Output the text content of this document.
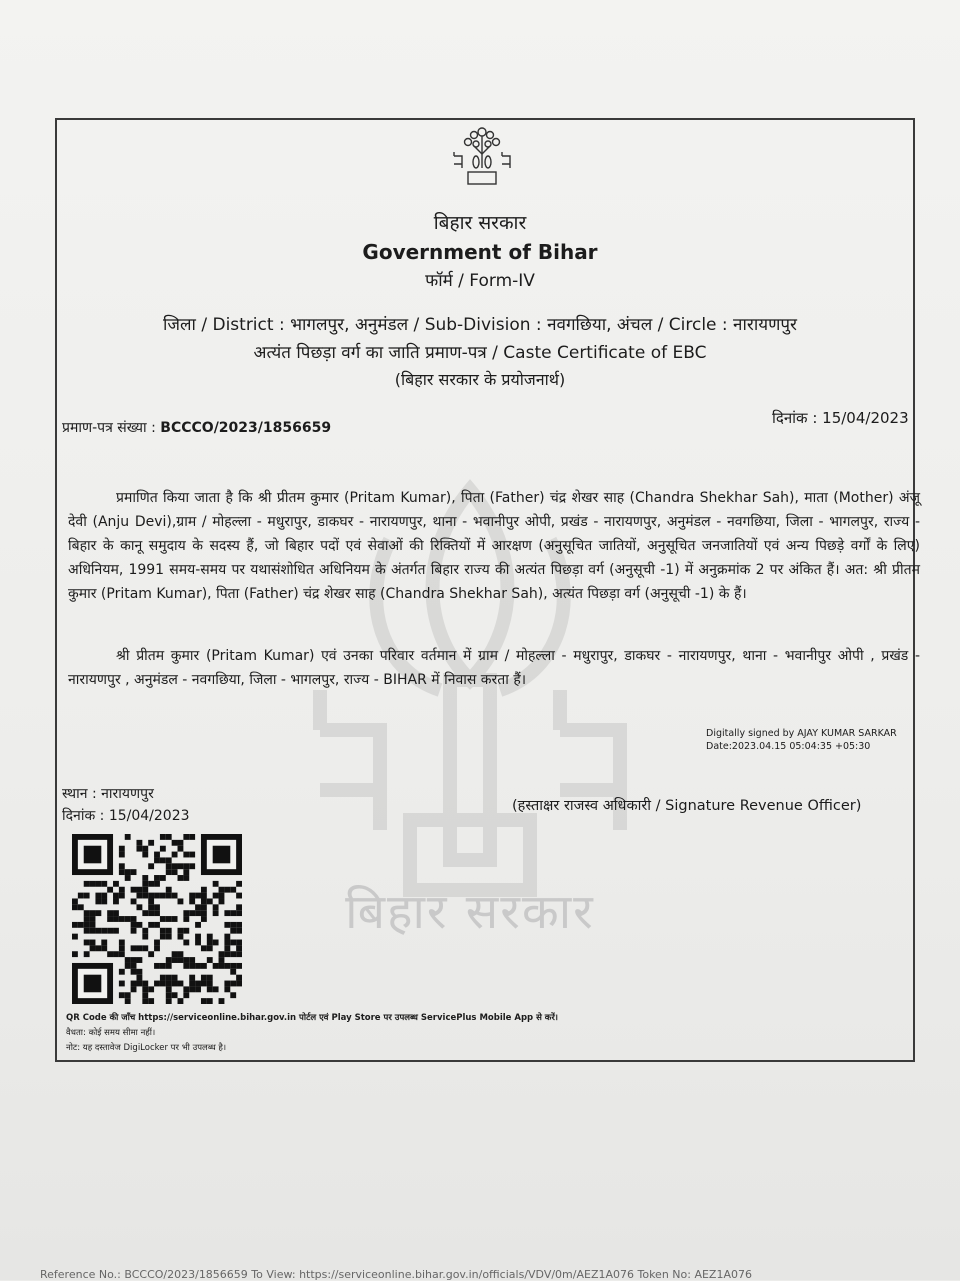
बिहार सरकार
बिहार सरकार
Government of Bihar
फॉर्म / Form-IV
जिला / District : भागलपुर, अनुमंडल / Sub-Division : नवगछिया, अंचल / Circle : नारायणपुर
अत्यंत पिछड़ा वर्ग का जाति प्रमाण-पत्र / Caste Certificate of EBC
(बिहार सरकार के प्रयोजनार्थ)
प्रमाण-पत्र संख्या : BCCCO/2023/1856659
दिनांक : 15/04/2023
प्रमाणित किया जाता है कि श्री प्रीतम कुमार (Pritam Kumar), पिता (Father) चंद्र शेखर साह (Chandra Shekhar Sah), माता (Mother) अंजू देवी (Anju Devi),ग्राम / मोहल्ला - मधुरापुर, डाकघर - नारायणपुर, थाना - भवानीपुर ओपी, प्रखंड - नारायणपुर, अनुमंडल - नवगछिया, जिला - भागलपुर, राज्य - बिहार के कानू समुदाय के सदस्य हैं, जो बिहार पदों एवं सेवाओं की रिक्तियों में आरक्षण (अनुसूचित जातियों, अनुसूचित जनजातियों एवं अन्य पिछड़े वर्गों के लिए) अधिनियम, 1991 समय-समय पर यथासंशोधित अधिनियम के अंतर्गत बिहार राज्य की अत्यंत पिछड़ा वर्ग (अनुसूची -1) में अनुक्रमांक 2 पर अंकित हैं। अत: श्री प्रीतम कुमार (Pritam Kumar), पिता (Father) चंद्र शेखर साह (Chandra Shekhar Sah), अत्यंत पिछड़ा वर्ग (अनुसूची -1) के हैं।
श्री प्रीतम कुमार (Pritam Kumar) एवं उनका परिवार वर्तमान में ग्राम / मोहल्ला - मधुरापुर, डाकघर - नारायणपुर, थाना - भवानीपुर ओपी , प्रखंड - नारायणपुर , अनुमंडल - नवगछिया, जिला - भागलपुर, राज्य - BIHAR में निवास करता हैं।
Digitally signed by AJAY KUMAR SARKAR
Date:2023.04.15 05:04:35 +05:30
स्थान : नारायणपुर
दिनांक : 15/04/2023
(हस्ताक्षर राजस्व अधिकारी / Signature Revenue Officer)
QR Code की जाँच https://serviceonline.bihar.gov.in पोर्टल एवं Play Store पर उपलब्ध ServicePlus Mobile App से करें।
वैधता: कोई समय सीमा नहीं।
नोट: यह दस्तावेज DigiLocker पर भी उपलब्ध है।
Reference No.: BCCCO/2023/1856659 To View: https://serviceonline.bihar.gov.in/officials/VDV/0m/AEZ1A076 Token No: AEZ1A076
